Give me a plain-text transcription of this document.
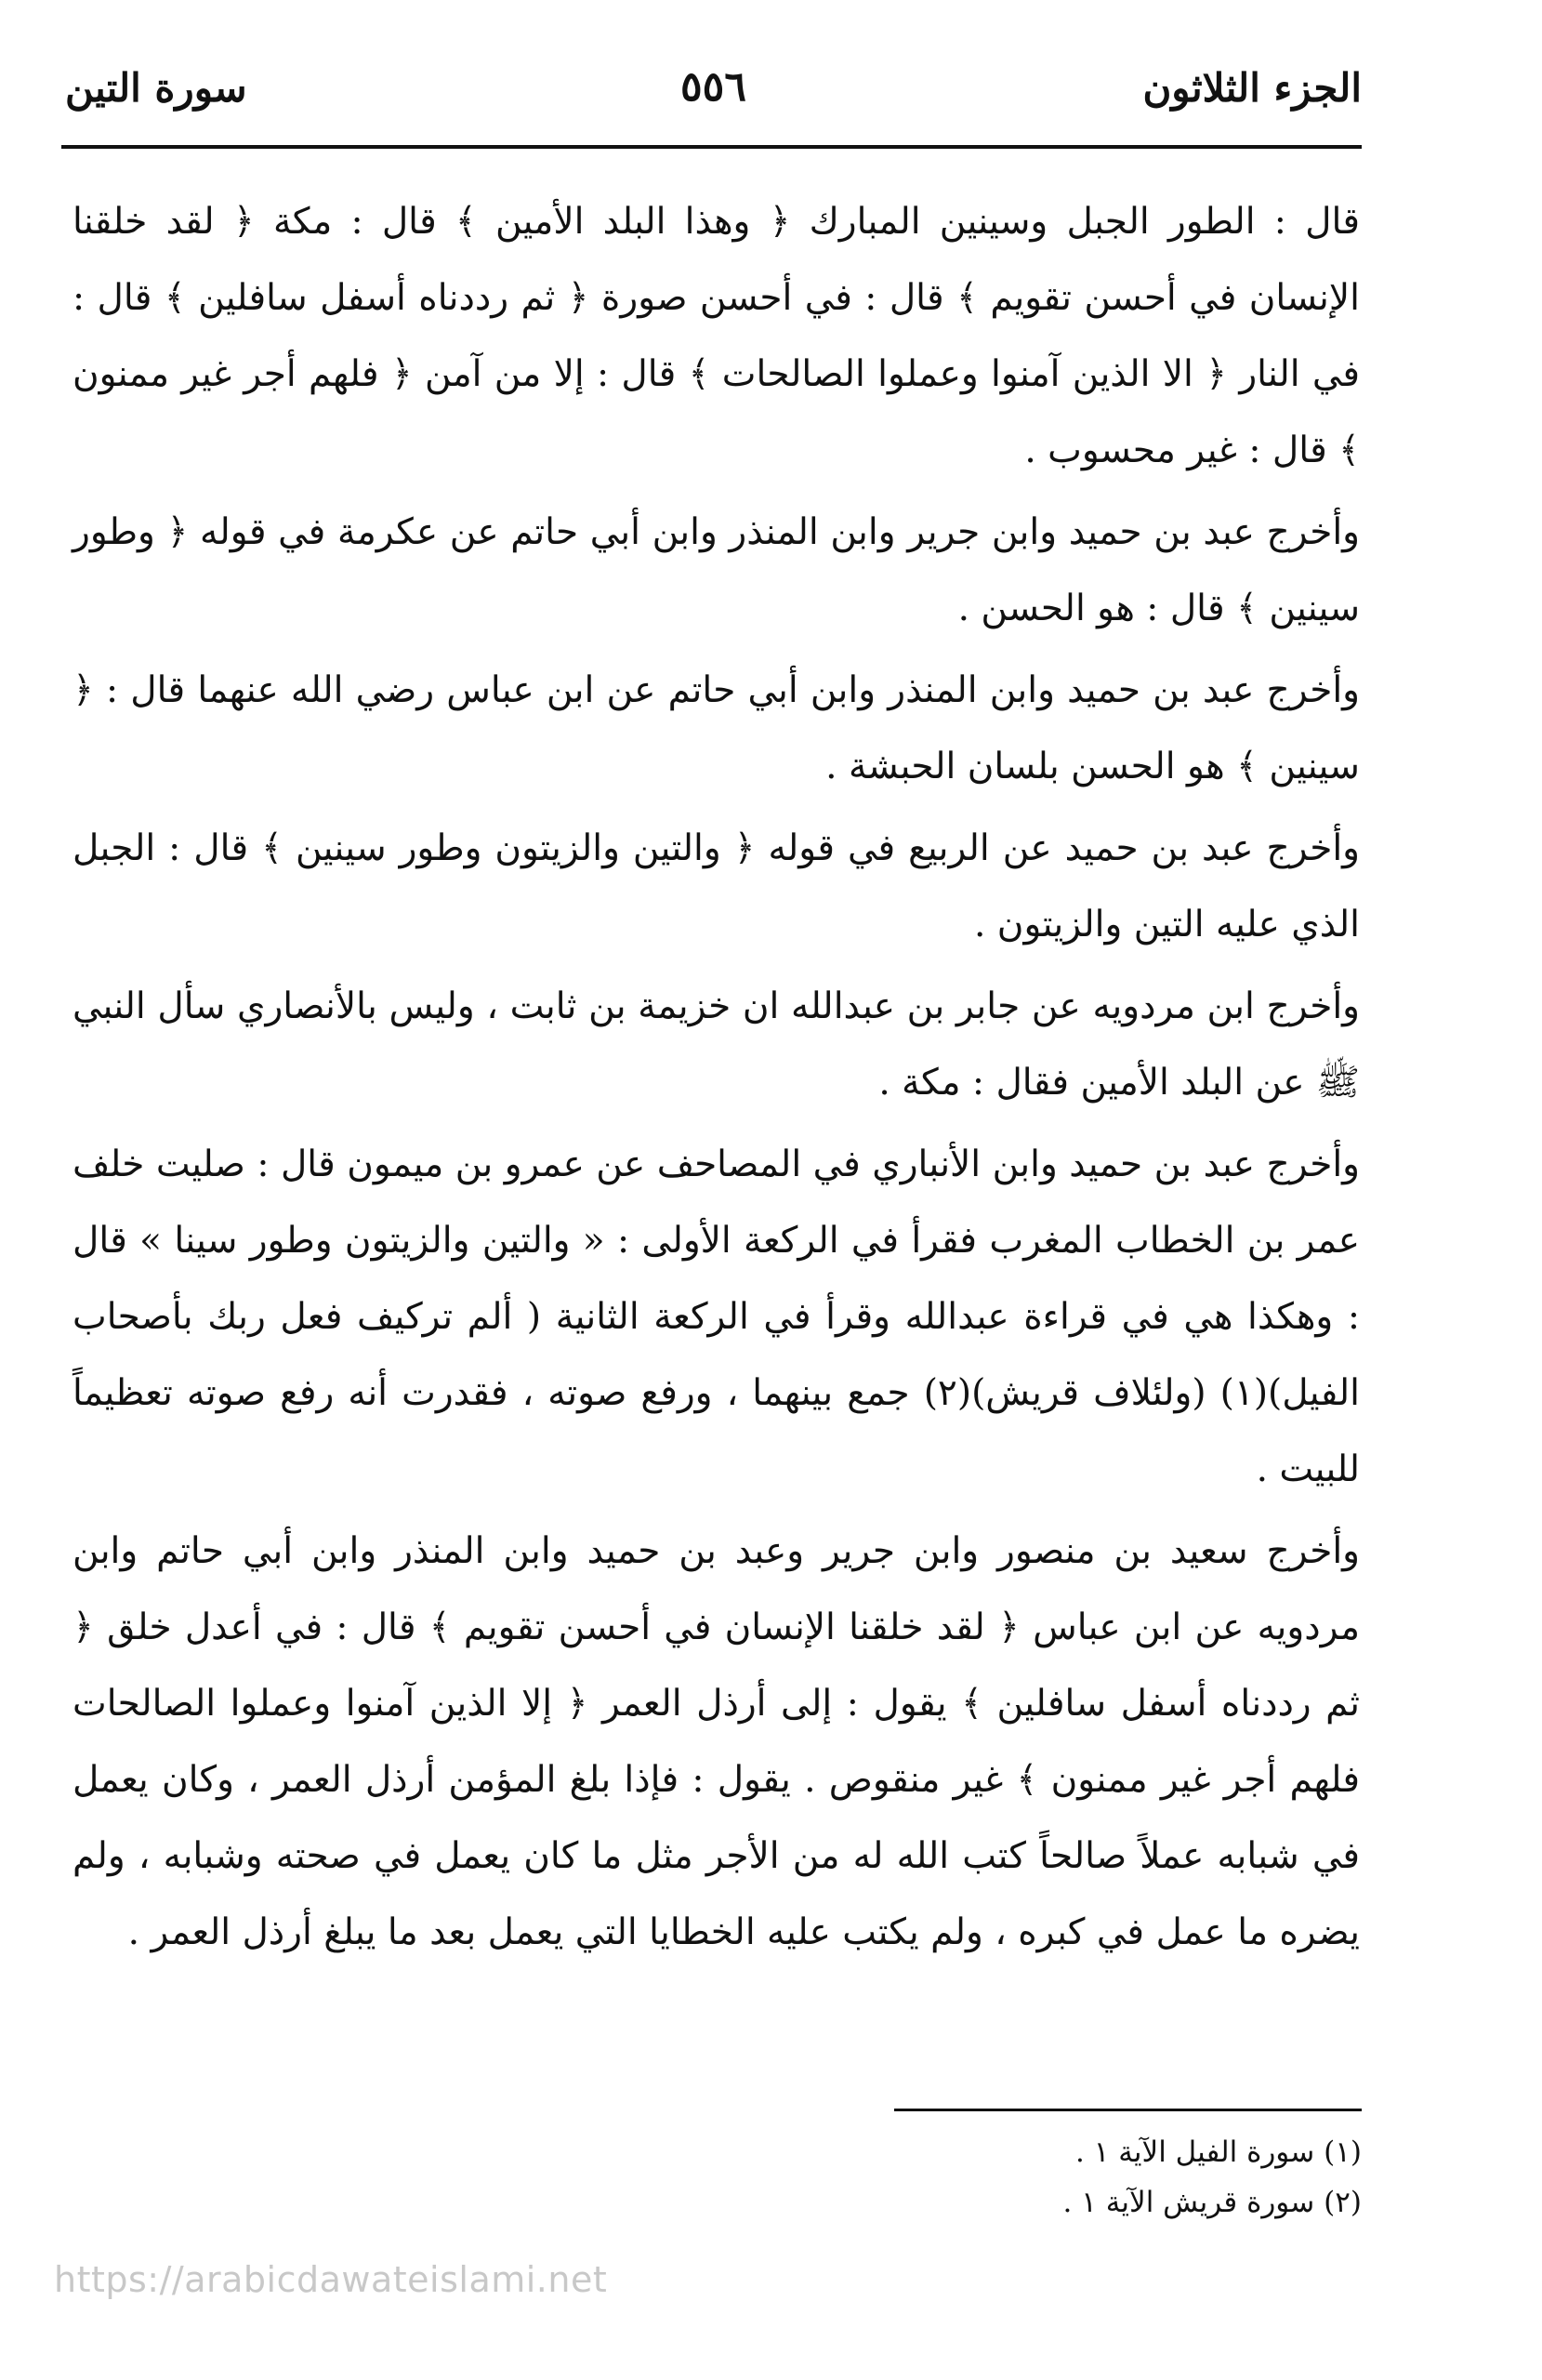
سورة التين	٥٥٦	الجزء الثلاثون

قال : الطور الجبل وسينين المبارك ﴿ وهذا البلد الأمين ﴾ قال : مكة ﴿ لقد خلقنا الإنسان في أحسن تقويم ﴾ قال : في أحسن صورة ﴿ ثم رددناه أسفل سافلين ﴾ قال : في النار ﴿ الا الذين آمنوا وعملوا الصالحات ﴾ قال : إلا من آمن ﴿ فلهم أجر غير ممنون ﴾ قال : غير محسوب .

وأخرج عبد بن حميد وابن جرير وابن المنذر وابن أبي حاتم عن عكرمة في قوله ﴿ وطور سينين ﴾ قال : هو الحسن .

وأخرج عبد بن حميد وابن المنذر وابن أبي حاتم عن ابن عباس رضي الله عنهما قال : ﴿ سينين ﴾ هو الحسن بلسان الحبشة .

وأخرج عبد بن حميد عن الربيع في قوله ﴿ والتين والزيتون وطور سينين ﴾ قال : الجبل الذي عليه التين والزيتون .

وأخرج ابن مردويه عن جابر بن عبدالله ان خزيمة بن ثابت ، وليس بالأنصاري سأل النبي ﷺ عن البلد الأمين فقال : مكة .

وأخرج عبد بن حميد وابن الأنباري في المصاحف عن عمرو بن ميمون قال : صليت خلف عمر بن الخطاب المغرب فقرأ في الركعة الأولى : « والتين والزيتون وطور سينا » قال : وهكذا هي في قراءة عبدالله وقرأ في الركعة الثانية ( ألم تركيف فعل ربك بأصحاب الفيل)(١) (ولئلاف قريش)(٢) جمع بينهما ، ورفع صوته ، فقدرت أنه رفع صوته تعظيماً للبيت .

وأخرج سعيد بن منصور وابن جرير وعبد بن حميد وابن المنذر وابن أبي حاتم وابن مردويه عن ابن عباس ﴿ لقد خلقنا الإنسان في أحسن تقويم ﴾ قال : في أعدل خلق ﴿ ثم رددناه أسفل سافلين ﴾ يقول : إلى أرذل العمر ﴿ إلا الذين آمنوا وعملوا الصالحات فلهم أجر غير ممنون ﴾ غير منقوص . يقول : فإذا بلغ المؤمن أرذل العمر ، وكان يعمل في شبابه عملاً صالحاً كتب الله له من الأجر مثل ما كان يعمل في صحته وشبابه ، ولم يضره ما عمل في كبره ، ولم يكتب عليه الخطايا التي يعمل بعد ما يبلغ أرذل العمر .

(١) سورة الفيل الآية ١ .
(٢) سورة قريش الآية ١ .
https://arabicdawateislami.net
